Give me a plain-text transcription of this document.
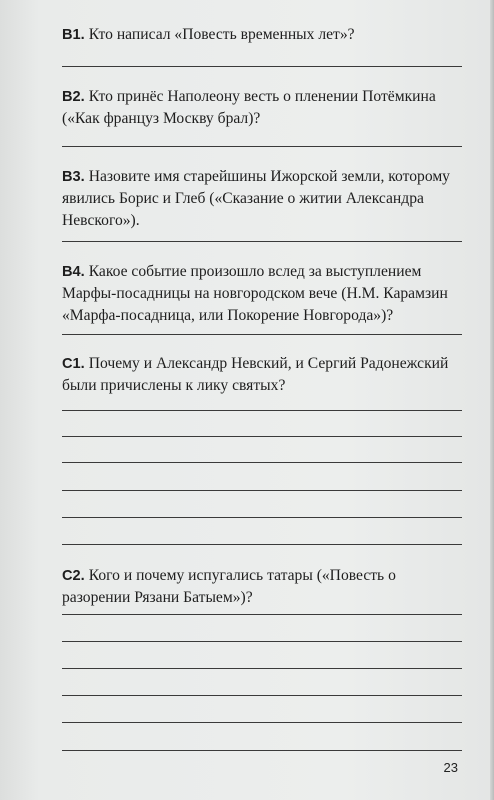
B1. Кто написал «Повесть временных лет»?

B2. Кто принёс Наполеону весть о пленении Потёмкина («Как француз Москву брал)?

B3. Назовите имя старейшины Ижорской земли, которому явились Борис и Глеб («Сказание о житии Александра Невского»).

B4. Какое событие произошло вслед за выступлением Марфы-посадницы на новгородском вече (Н.М. Карамзин «Марфа-посадница, или Покорение Новгорода»)?

C1. Почему и Александр Невский, и Сергий Радонежский были причислены к лику святых?

C2. Кого и почему испугались татары («Повесть о разорении Рязани Батыем»)?

23
